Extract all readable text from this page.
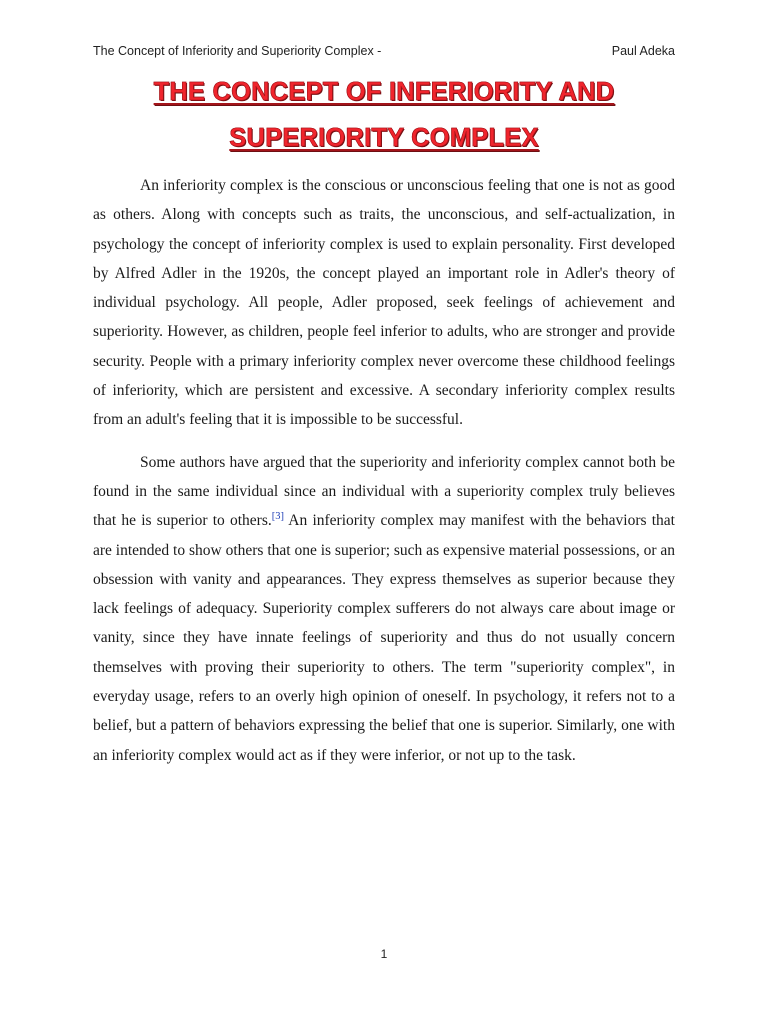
The Concept of Inferiority and Superiority Complex -	Paul Adeka
THE CONCEPT OF INFERIORITY AND
SUPERIORITY COMPLEX

An inferiority complex is the conscious or unconscious feeling that one is not as good as others. Along with concepts such as traits, the unconscious, and self-actualization, in psychology the concept of inferiority complex is used to explain personality. First developed by Alfred Adler in the 1920s, the concept played an important role in Adler's theory of individual psychology. All people, Adler proposed, seek feelings of achievement and superiority. However, as children, people feel inferior to adults, who are stronger and provide security. People with a primary inferiority complex never overcome these childhood feelings of inferiority, which are persistent and excessive. A secondary inferiority complex results from an adult's feeling that it is impossible to be successful.

Some authors have argued that the superiority and inferiority complex cannot both be found in the same individual since an individual with a superiority complex truly believes that he is superior to others.[3] An inferiority complex may manifest with the behaviors that are intended to show others that one is superior; such as expensive material possessions, or an obsession with vanity and appearances. They express themselves as superior because they lack feelings of adequacy. Superiority complex sufferers do not always care about image or vanity, since they have innate feelings of superiority and thus do not usually concern themselves with proving their superiority to others. The term "superiority complex", in everyday usage, refers to an overly high opinion of oneself. In psychology, it refers not to a belief, but a pattern of behaviors expressing the belief that one is superior. Similarly, one with an inferiority complex would act as if they were inferior, or not up to the task.

1
